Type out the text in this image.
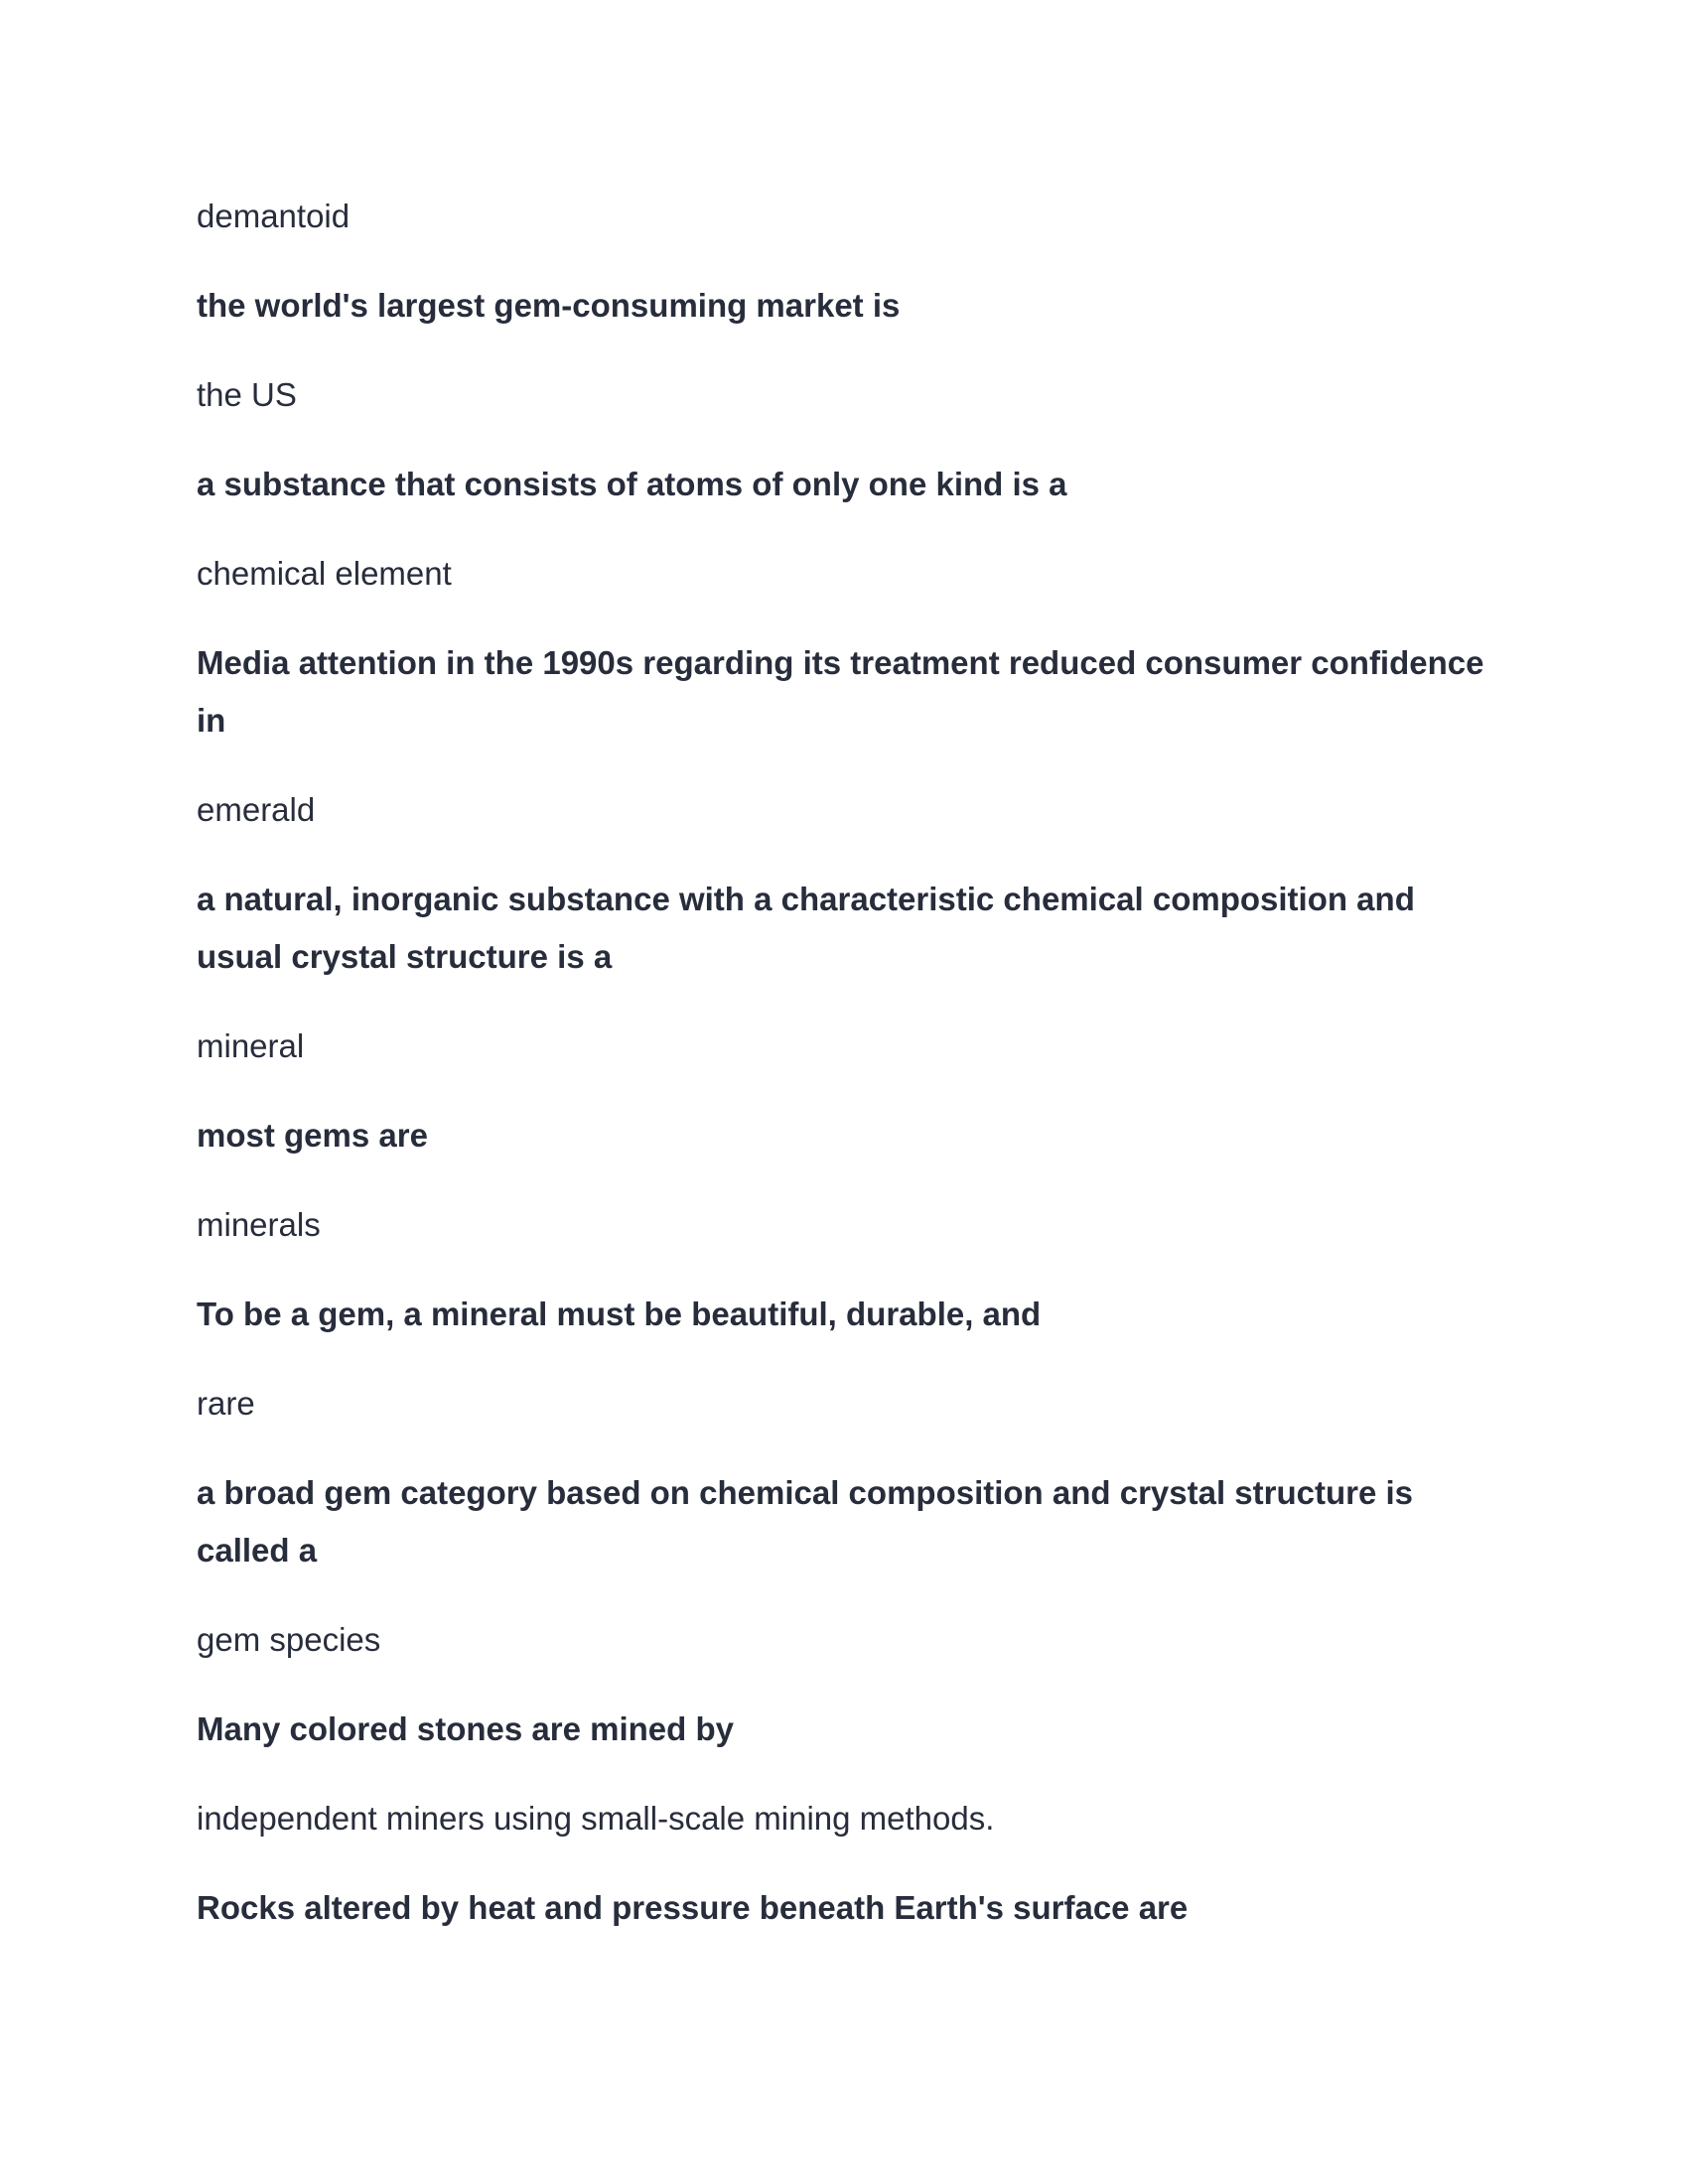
demantoid

the world's largest gem-consuming market is

the US

a substance that consists of atoms of only one kind is a

chemical element

Media attention in the 1990s regarding its treatment reduced consumer confidence in

emerald

a natural, inorganic substance with a characteristic chemical composition and usual crystal structure is a

mineral

most gems are

minerals

To be a gem, a mineral must be beautiful, durable, and

rare

a broad gem category based on chemical composition and crystal structure is called a

gem species

Many colored stones are mined by

independent miners using small-scale mining methods.

Rocks altered by heat and pressure beneath Earth's surface are
